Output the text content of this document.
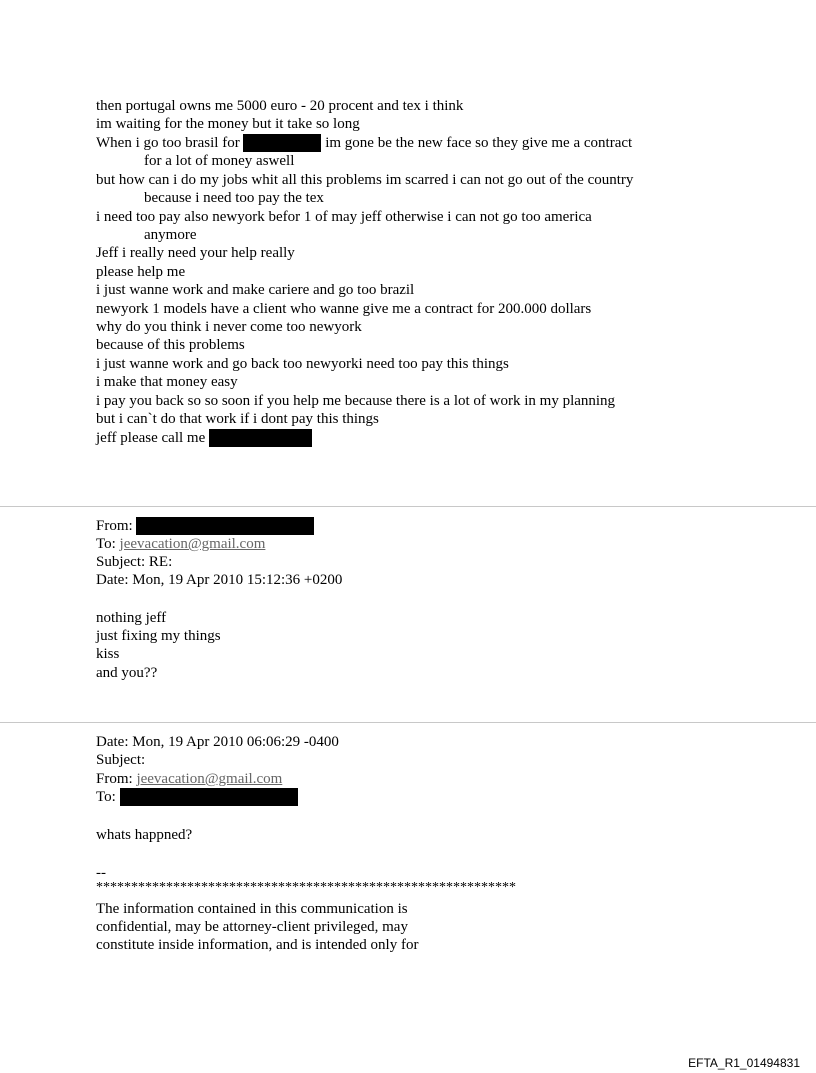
then portugal owns me 5000 euro - 20 procent and tex i think
im waiting for the money but it take so long
When i go too brasil for	im gone be the new face so they give me a contract
for a lot of money aswell
but how can i do my jobs whit all this problems im scarred i can not go out of the country
because i need too pay the tex
i need too pay also newyork befor 1 of may jeff otherwise i can not go too america
anymore
Jeff i really need your help really
please help me
i just wanne work and make cariere and go too brazil
newyork 1 models have a client who wanne give me a contract for 200.000 dollars
why do you think i never come too newyork
because of this problems
i just wanne work and go back too newyorki need too pay this things
i make that money easy
i pay you back so so soon if you help me because there is a lot of work in my planning
but i can`t do that work if i dont pay this things
jeff please call me
From:
To: jeevacation@gmail.com
Subject: RE:
Date: Mon, 19 Apr 2010 15:12:36 +0200
nothing jeff
just fixing my things
kiss
and you??
Date: Mon, 19 Apr 2010 06:06:29 -0400
Subject:
From: jeevacation@gmail.com
To:
whats happned?
--
************************************************************
The information contained in this communication is
confidential, may be attorney-client privileged, may
constitute inside information, and is intended only for
EFTA_R1_01494831
